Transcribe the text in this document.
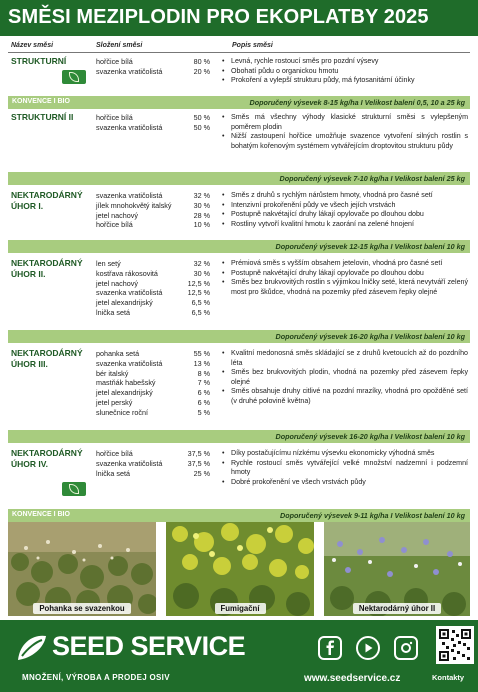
SMĚSI MEZIPLODIN PRO EKOPLATBY 2025
Název směsi	Složení směsi	Popis směsi
STRUKTURNÍ	hořčice bílá	80 %
svazenka vratičolistá	20 %
• Levná, rychle rostoucí směs pro pozdní výsevy
• Obohatí půdu o organickou hmotu
• Prokoření a vylepší strukturu půdy, má fytosanitární účinky
KONVENCE I BIO	Doporučený výsevek 8-15 kg/ha I Velikost balení 0,5, 10 a 25 kg
STRUKTURNÍ II	hořčice bílá	50 %
svazenka vratičolistá	50 %
• Směs má všechny výhody klasické strukturní směsi s vylepšeným poměrem plodin
• Nižší zastoupení hořčice umožňuje svazence vytvoření silných rostlin s bohatým kořenovým systémem vytvářejícím droptovitou strukturu půdy
Doporučený výsevek 7-10 kg/ha I Velikost balení 25 kg
NEKTARODÁRNÝ
ÚHOR I.
svazenka vratičolistá	32 %
jílek mnohokvětý italský	30 %
jetel nachový	28 %
hořčice bílá	10 %
• Směs z druhů s rychlým nárůstem hmoty, vhodná pro časné setí
• Intenzivní prokořenění půdy ve všech jejích vrstvách
• Postupně nakvétající druhy lákají opylovače po dlouhou dobu
• Rostliny vytvoří kvalitní hmotu k zaorání na zelené hnojení
Doporučený výsevek 12-15 kg/ha I Velikost balení 10 kg
NEKTARODÁRNÝ
ÚHOR II.
len setý	32 %
kostřava rákosovitá	30 %
jetel nachový	12,5 %
svazenka vratičolistá	12,5 %
jetel alexandrijský	6,5 %
lnička setá	6,5 %
• Prémiová směs s vyšším obsahem jetelovin, vhodná pro časné setí
• Postupně nakvétající druhy lákají opylovače po dlouhou dobu
• Směs bez brukvovitých rostlin s výjimkou lničky seté, která nevytváří zelený most pro škůdce, vhodná na pozemky před zásevem řepky olejné
Doporučený výsevek 16-20 kg/ha I Velikost balení 10 kg
NEKTARODÁRNÝ
ÚHOR III.
pohanka setá	55 %
svazenka vratičolistá	13 %
bér italský	8 %
mastňák habešský	7 %
jetel alexandrijský	6 %
jetel perský	6 %
slunečnice roční	5 %
• Kvalitní medonosná směs skládající se z druhů kvetoucích až do pozdního léta
• Směs bez brukvovitých plodin, vhodná na pozemky před zásevem řepky olejné
• Směs obsahuje druhy citlivé na pozdní mrazíky, vhodná pro opožděné setí (v druhé polovině května)
Doporučený výsevek 16-20 kg/ha I Velikost balení 10 kg
NEKTARODÁRNÝ
ÚHOR IV.
hořčice bílá	37,5 %
svazenka vratičolistá	37,5 %
lnička setá	25 %
• Díky postačujícímu nízkému výsevku ekonomicky výhodná směs
• Rychle rostoucí směs vytvářející velké množství nadzemní i podzemní hmoty
• Dobré prokořenění ve všech vrstvách půdy
KONVENCE I BIO	Doporučený výsevek 9-11 kg/ha I Velikost balení 10 kg
Pohanka se svazenkou	Fumigační	Nektarodárný úhor II
SEED SERVICE
MNOŽENÍ, VÝROBA A PRODEJ OSIV	www.seedservice.cz	Kontakty
